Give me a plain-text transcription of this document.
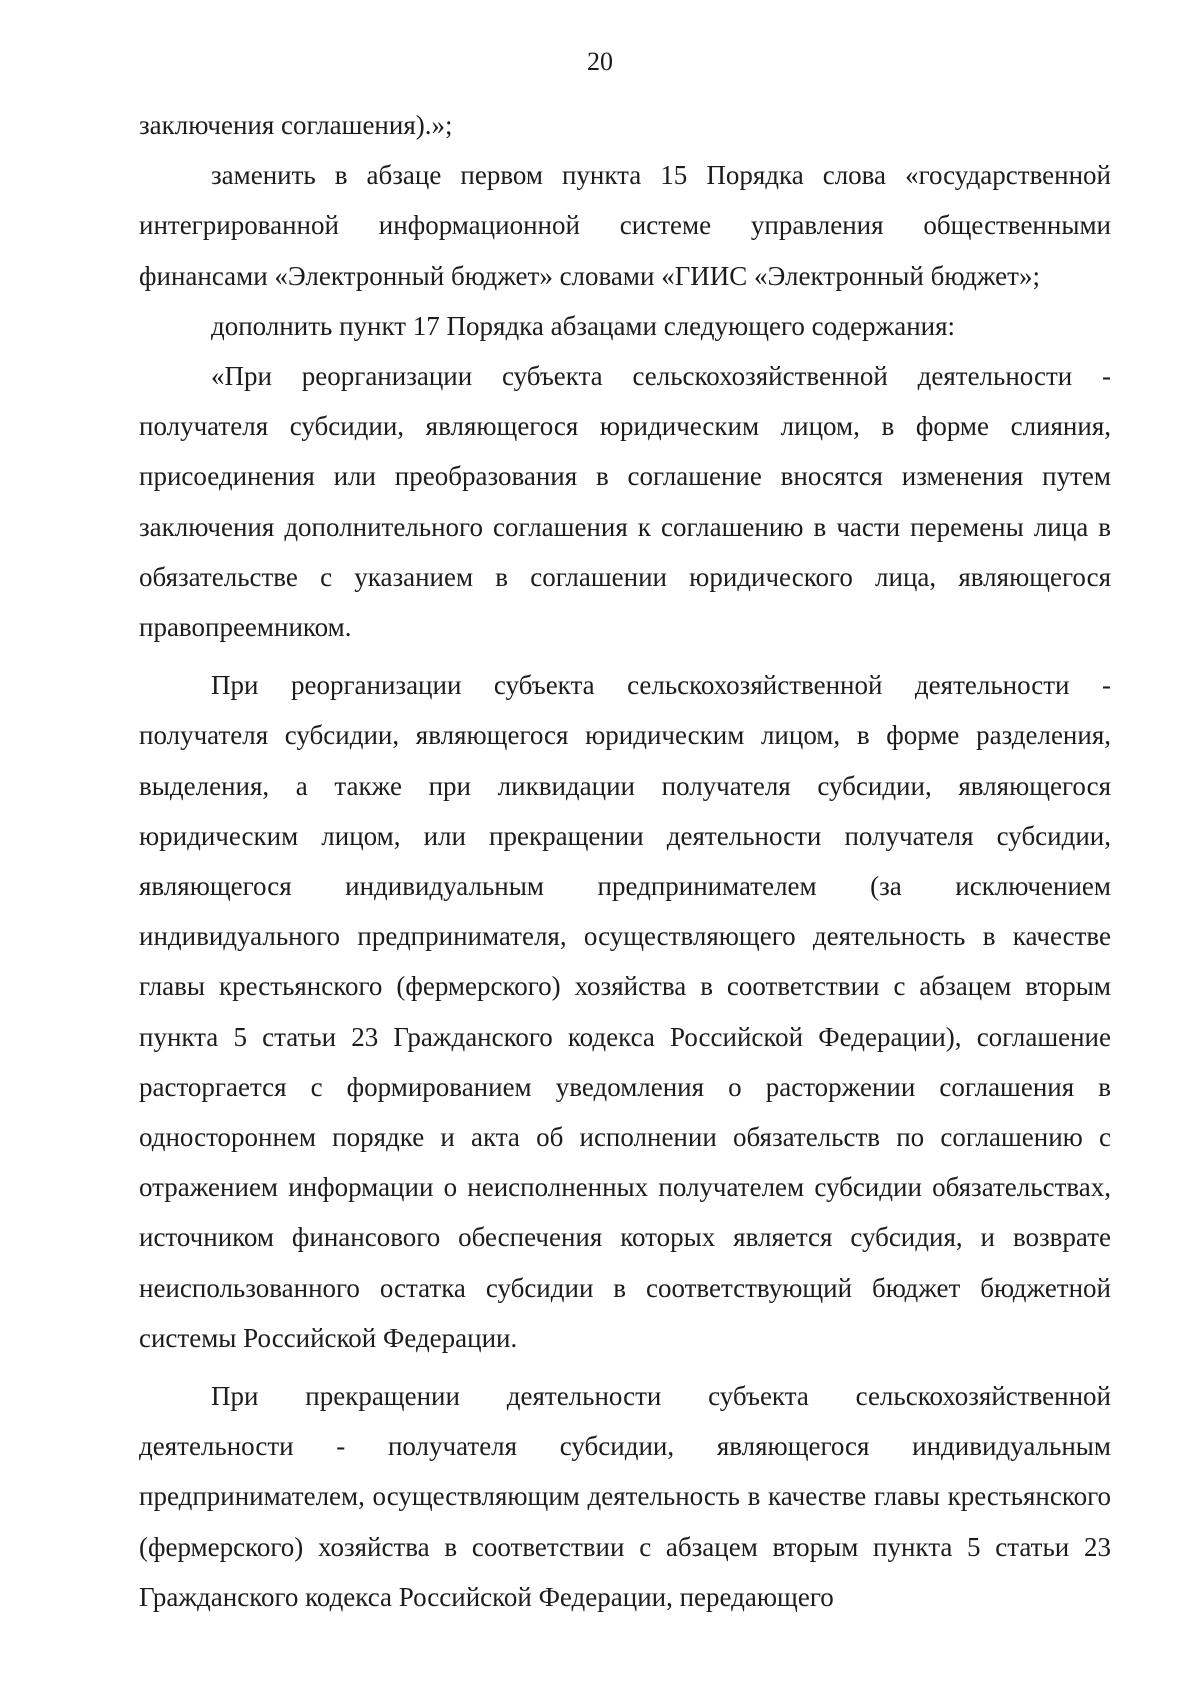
20

заключения соглашения).»;

заменить в абзаце первом пункта 15 Порядка слова «государственной интегрированной информационной системе управления общественными финансами «Электронный бюджет» словами «ГИИС «Электронный бюджет»;

дополнить пункт 17 Порядка абзацами следующего содержания:

«При реорганизации субъекта сельскохозяйственной деятельности - получателя субсидии, являющегося юридическим лицом, в форме слияния, присоединения или преобразования в соглашение вносятся изменения путем заключения дополнительного соглашения к соглашению в части перемены лица в обязательстве с указанием в соглашении юридического лица, являющегося правопреемником.

При реорганизации субъекта сельскохозяйственной деятельности - получателя субсидии, являющегося юридическим лицом, в форме разделения, выделения, а также при ликвидации получателя субсидии, являющегося юридическим лицом, или прекращении деятельности получателя субсидии, являющегося индивидуальным предпринимателем (за исключением индивидуального предпринимателя, осуществляющего деятельность в качестве главы крестьянского (фермерского) хозяйства в соответствии с абзацем вторым пункта 5 статьи 23 Гражданского кодекса Российской Федерации), соглашение расторгается с формированием уведомления о расторжении соглашения в одностороннем порядке и акта об исполнении обязательств по соглашению с отражением информации о неисполненных получателем субсидии обязательствах, источником финансового обеспечения которых является субсидия, и возврате неиспользованного остатка субсидии в соответствующий бюджет бюджетной системы Российской Федерации.

При прекращении деятельности субъекта сельскохозяйственной деятельности - получателя субсидии, являющегося индивидуальным предпринимателем, осуществляющим деятельность в качестве главы крестьянского (фермерского) хозяйства в соответствии с абзацем вторым пункта 5 статьи 23 Гражданского кодекса Российской Федерации, передающего
